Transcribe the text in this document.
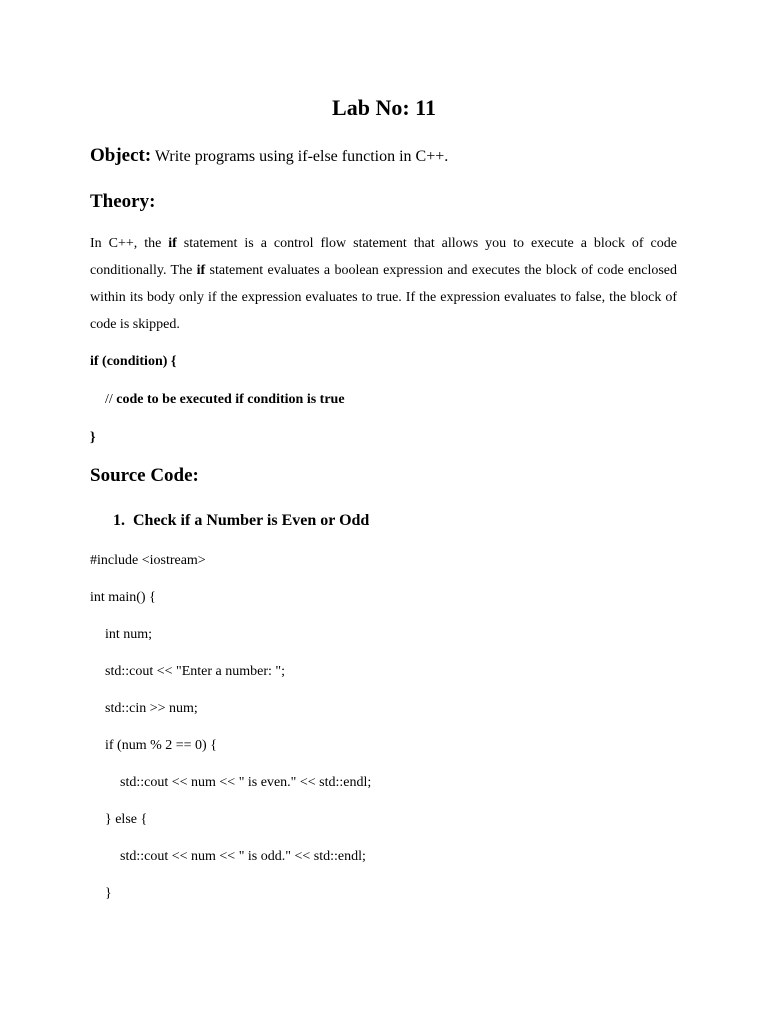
Lab No: 11
Object: Write programs using if-else function in C++.
Theory:
In C++, the if statement is a control flow statement that allows you to execute a block of code conditionally. The if statement evaluates a boolean expression and executes the block of code enclosed within its body only if the expression evaluates to true. If the expression evaluates to false, the block of code is skipped.
if (condition) {
// code to be executed if condition is true
}
Source Code:
1. Check if a Number is Even or Odd
#include <iostream>
int main() {
int num;
std::cout << "Enter a number: ";
std::cin >> num;
if (num % 2 == 0) {
std::cout << num << " is even." << std::endl;
} else {
std::cout << num << " is odd." << std::endl;
}
